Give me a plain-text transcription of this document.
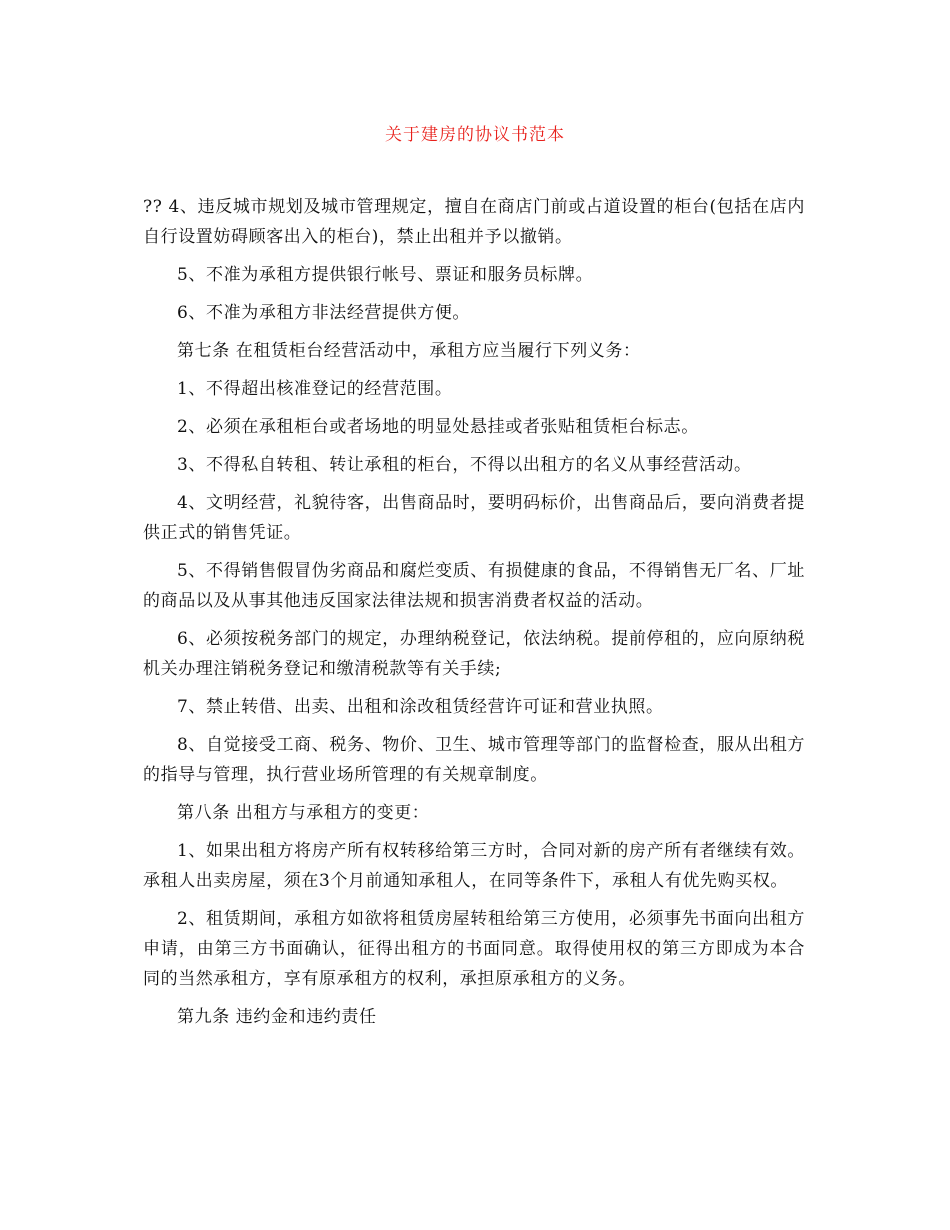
关于建房的协议书范本

?? 4、违反城市规划及城市管理规定，擅自在商店门前或占道设置的柜台(包括在店内自行设置妨碍顾客出入的柜台)，禁止出租并予以撤销。

5、不准为承租方提供银行帐号、票证和服务员标牌。

6、不准为承租方非法经营提供方便。

第七条 在租赁柜台经营活动中，承租方应当履行下列义务：

1、不得超出核准登记的经营范围。

2、必须在承租柜台或者场地的明显处悬挂或者张贴租赁柜台标志。

3、不得私自转租、转让承租的柜台，不得以出租方的名义从事经营活动。

4、文明经营，礼貌待客，出售商品时，要明码标价，出售商品后，要向消费者提供正式的销售凭证。

5、不得销售假冒伪劣商品和腐烂变质、有损健康的食品，不得销售无厂名、厂址的商品以及从事其他违反国家法律法规和损害消费者权益的活动。

6、必须按税务部门的规定，办理纳税登记，依法纳税。提前停租的，应向原纳税机关办理注销税务登记和缴清税款等有关手续;

7、禁止转借、出卖、出租和涂改租赁经营许可证和营业执照。

8、自觉接受工商、税务、物价、卫生、城市管理等部门的监督检查，服从出租方的指导与管理，执行营业场所管理的有关规章制度。

第八条 出租方与承租方的变更：

1、如果出租方将房产所有权转移给第三方时，合同对新的房产所有者继续有效。承租人出卖房屋，须在3个月前通知承租人，在同等条件下，承租人有优先购买权。

2、租赁期间，承租方如欲将租赁房屋转租给第三方使用，必须事先书面向出租方申请，由第三方书面确认，征得出租方的书面同意。取得使用权的第三方即成为本合同的当然承租方，享有原承租方的权利，承担原承租方的义务。

第九条 违约金和违约责任
